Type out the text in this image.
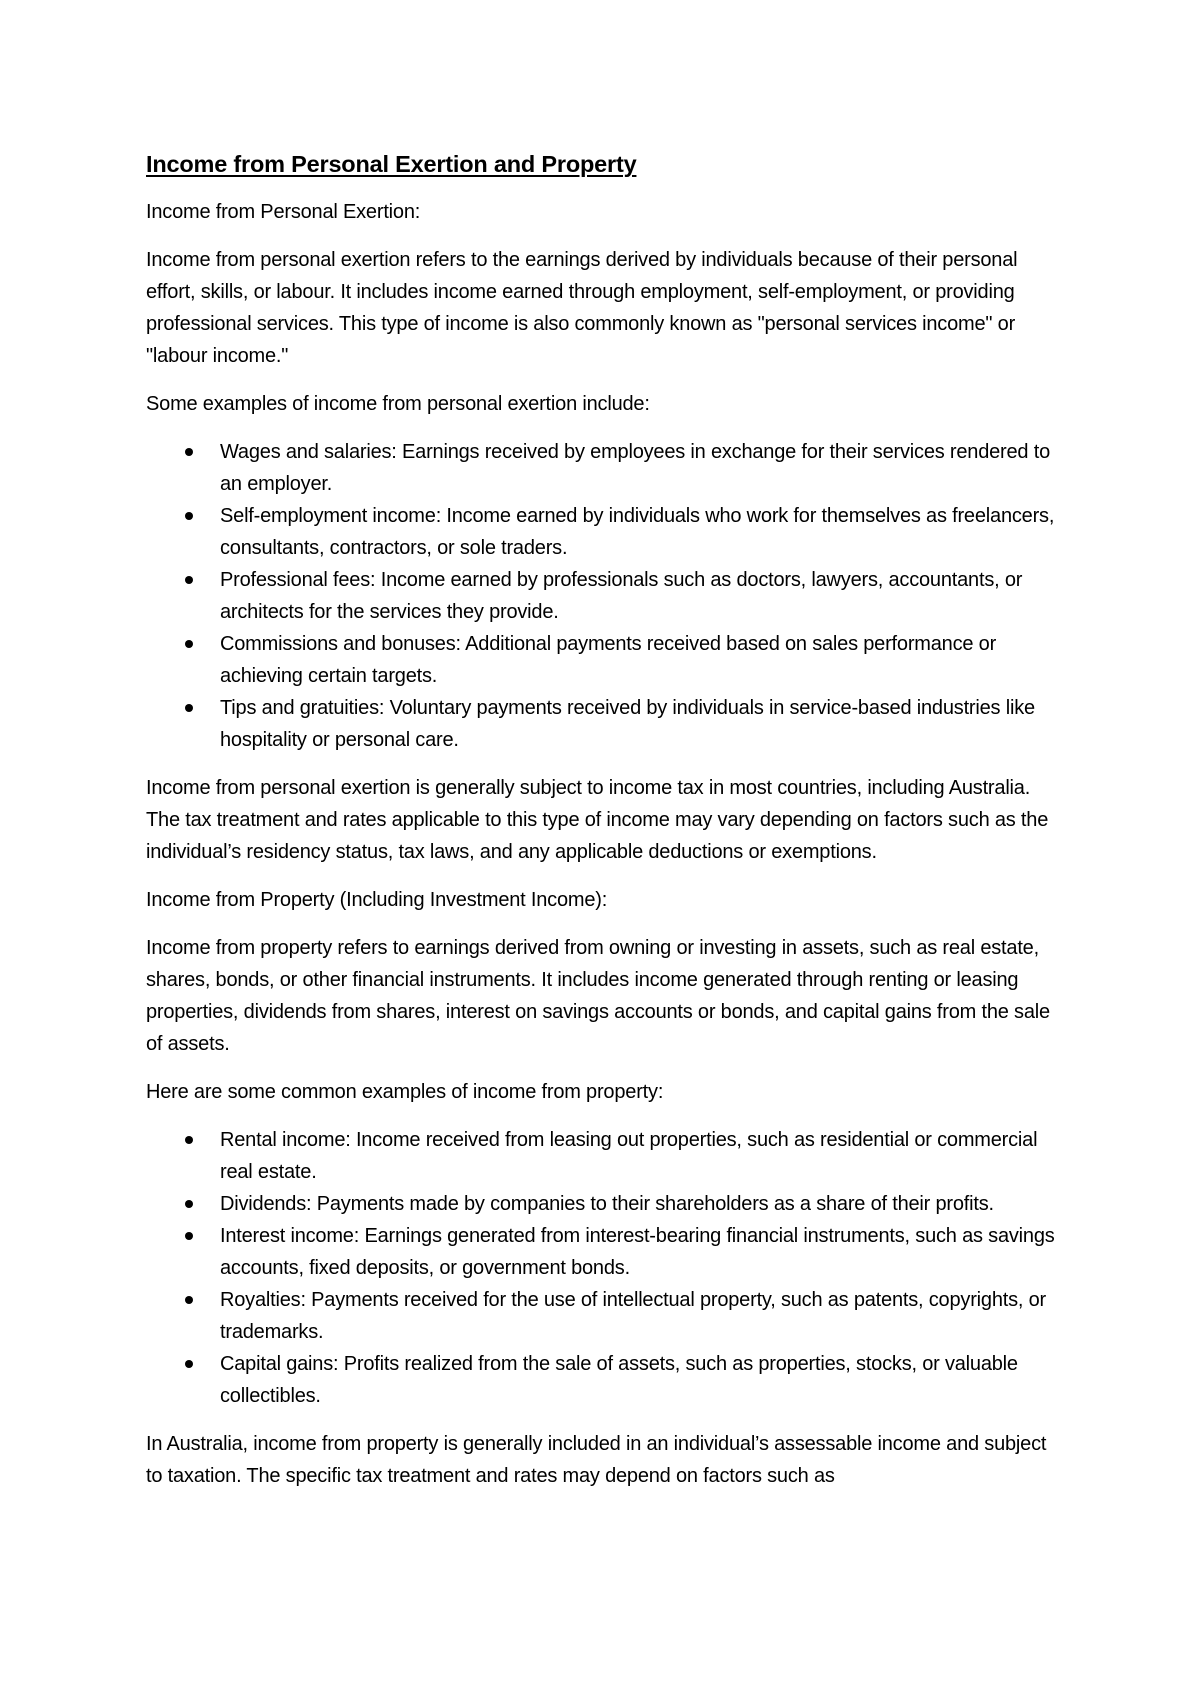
Income from Personal Exertion and Property

Income from Personal Exertion:

Income from personal exertion refers to the earnings derived by individuals because of their personal effort, skills, or labour. It includes income earned through employment, self-employment, or providing professional services. This type of income is also commonly known as "personal services income" or "labour income."

Some examples of income from personal exertion include:

Wages and salaries: Earnings received by employees in exchange for their services rendered to an employer.
Self-employment income: Income earned by individuals who work for themselves as freelancers, consultants, contractors, or sole traders.
Professional fees: Income earned by professionals such as doctors, lawyers, accountants, or architects for the services they provide.
Commissions and bonuses: Additional payments received based on sales performance or achieving certain targets.
Tips and gratuities: Voluntary payments received by individuals in service-based industries like hospitality or personal care.

Income from personal exertion is generally subject to income tax in most countries, including Australia. The tax treatment and rates applicable to this type of income may vary depending on factors such as the individual’s residency status, tax laws, and any applicable deductions or exemptions.

Income from Property (Including Investment Income):

Income from property refers to earnings derived from owning or investing in assets, such as real estate, shares, bonds, or other financial instruments. It includes income generated through renting or leasing properties, dividends from shares, interest on savings accounts or bonds, and capital gains from the sale of assets.

Here are some common examples of income from property:

Rental income: Income received from leasing out properties, such as residential or commercial real estate.
Dividends: Payments made by companies to their shareholders as a share of their profits.
Interest income: Earnings generated from interest-bearing financial instruments, such as savings accounts, fixed deposits, or government bonds.
Royalties: Payments received for the use of intellectual property, such as patents, copyrights, or trademarks.
Capital gains: Profits realized from the sale of assets, such as properties, stocks, or valuable collectibles.

In Australia, income from property is generally included in an individual’s assessable income and subject to taxation. The specific tax treatment and rates may depend on factors such as
